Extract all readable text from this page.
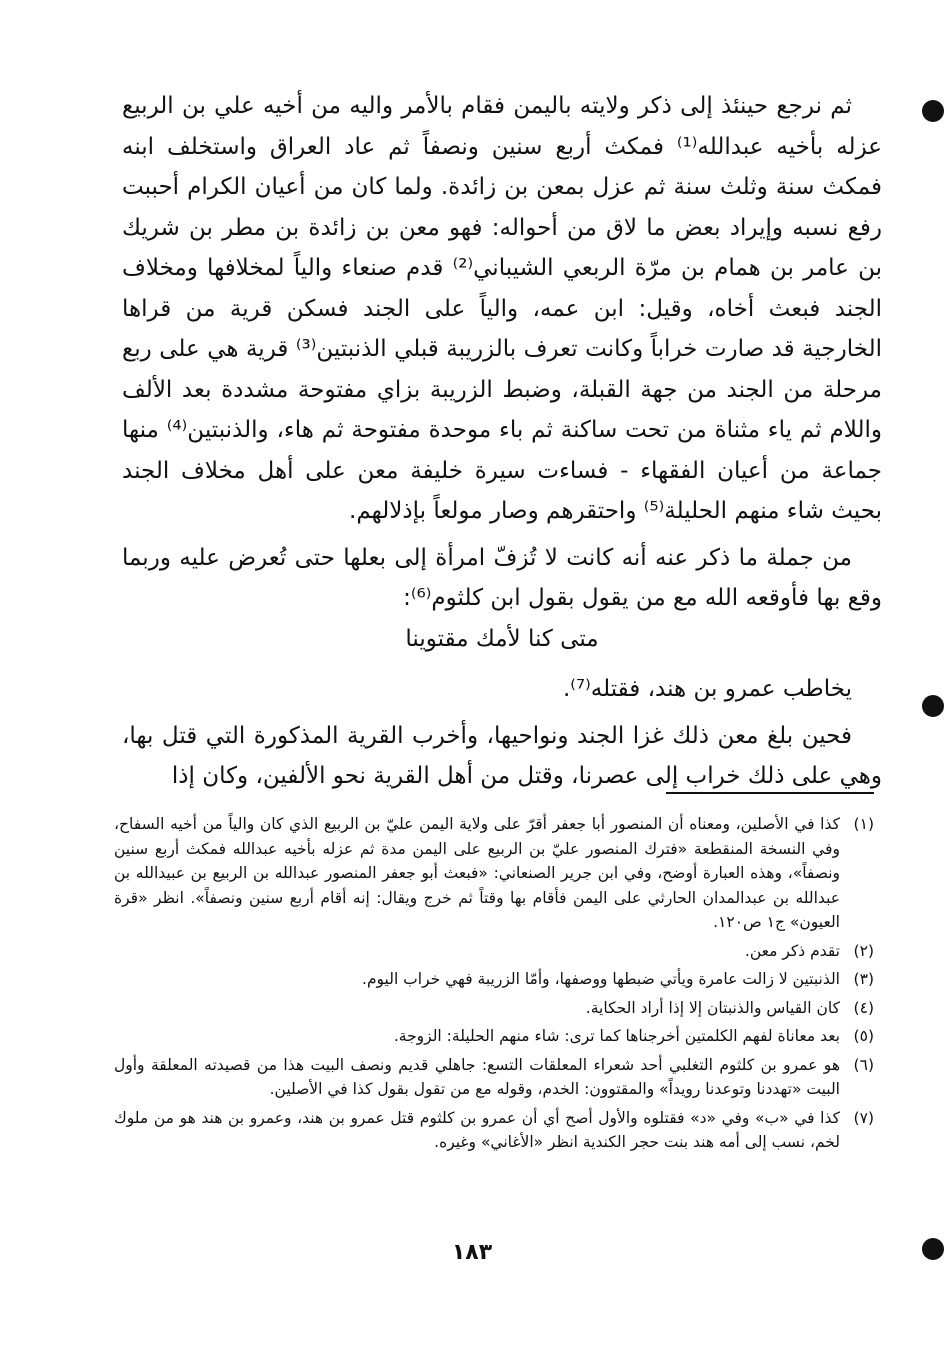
ثم نرجع حينئذ إلى ذكر ولايته باليمن فقام بالأمر واليه من أخيه علي بن الربيع عزله بأخيه عبدالله⁽¹⁾ فمكث أربع سنين ونصفاً ثم عاد العراق واستخلف ابنه فمكث سنة وثلث سنة ثم عزل بمعن بن زائدة. ولما كان من أعيان الكرام أحببت رفع نسبه وإيراد بعض ما لاق من أحواله: فهو معن بن زائدة بن مطر بن شريك بن عامر بن همام بن مرّة الربعي الشيباني⁽²⁾ قدم صنعاء والياً لمخلافها ومخلاف الجند فبعث أخاه، وقيل: ابن عمه، والياً على الجند فسكن قرية من قراها الخارجية قد صارت خراباً وكانت تعرف بالزريبة قبلي الذنبتين⁽³⁾ قرية هي على ربع مرحلة من الجند من جهة القبلة، وضبط الزريبة بزاي مفتوحة مشددة بعد الألف واللام ثم ياء مثناة من تحت ساكنة ثم باء موحدة مفتوحة ثم هاء، والذنبتين⁽⁴⁾ منها جماعة من أعيان الفقهاء - فساءت سيرة خليفة معن على أهل مخلاف الجند بحيث شاء منهم الحليلة⁽⁵⁾ واحتقرهم وصار مولعاً بإذلالهم.

من جملة ما ذكر عنه أنه كانت لا تُزفّ امرأة إلى بعلها حتى تُعرض عليه وربما وقع بها فأوقعه الله مع من يقول بقول ابن كلثوم⁽⁶⁾:

متى كنا لأمك مقتوينا

يخاطب عمرو بن هند، فقتله⁽⁷⁾.

فحين بلغ معن ذلك غزا الجند ونواحيها، وأخرب القرية المذكورة التي قتل بها، وهي على ذلك خراب إلى عصرنا، وقتل من أهل القرية نحو الألفين، وكان إذا

(١)
كذا في الأصلين، ومعناه أن المنصور أبا جعفر أقرّ على ولاية اليمن عليّ بن الربيع الذي كان والياً من أخيه السفاح، وفي النسخة المنقطعة «فترك المنصور عليّ بن الربيع على اليمن مدة ثم عزله بأخيه عبدالله فمكث أربع سنين ونصفاً»، وهذه العبارة أوضح، وفي ابن جرير الصنعاني: «فبعث أبو جعفر المنصور عبدالله بن الربيع بن عبيدالله بن عبدالله بن عبدالمدان الحارثي على اليمن فأقام بها وقتاً ثم خرج ويقال: إنه أقام أربع سنين ونصفاً». انظر «قرة العيون» ج١ ص١٢٠.
(٢)
تقدم ذكر معن.
(٣)
الذنبتين لا زالت عامرة ويأتي ضبطها ووصفها، وأمّا الزريبة فهي خراب اليوم.
(٤)
كان القياس والذنبتان إلا إذا أراد الحكاية.
(٥)
بعد معاناة لفهم الكلمتين أخرجناها كما ترى: شاء منهم الحليلة: الزوجة.
(٦)
هو عمرو بن كلثوم التغلبي أحد شعراء المعلقات التسع: جاهلي قديم ونصف البيت هذا من قصيدته المعلقة وأول البيت «تهددنا وتوعدنا رويداً» والمقتوون: الخدم، وقوله مع من تقول بقول كذا في الأصلين.
(٧)
كذا في «ب» وفي «د» فقتلوه والأول أصح أي أن عمرو بن كلثوم قتل عمرو بن هند، وعمرو بن هند هو من ملوك لخم، نسب إلى أمه هند بنت حجر الكندية انظر «الأغاني» وغيره.
١٨٣
